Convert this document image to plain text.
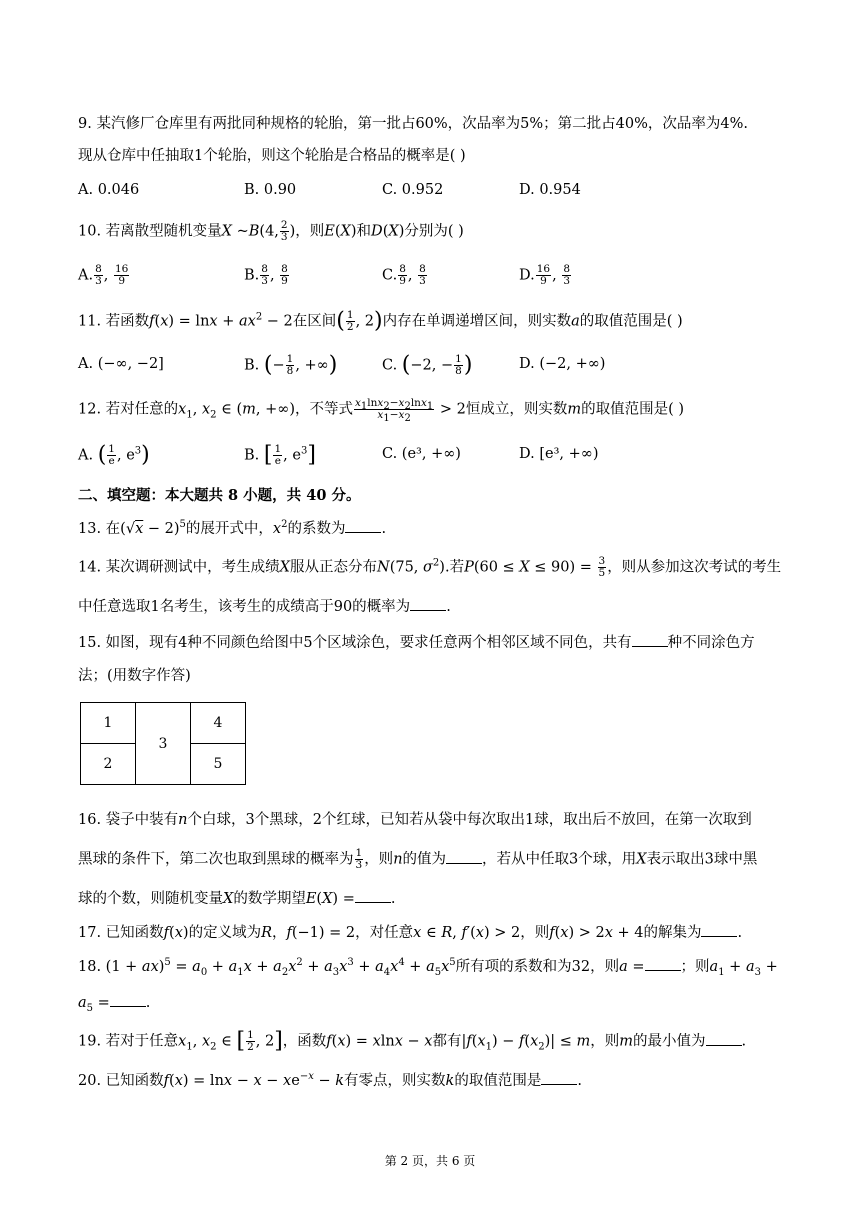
9. 某汽修厂仓库里有两批同种规格的轮胎，第一批占60%，次品率为5%；第二批占40%，次品率为4%.
现从仓库中任抽取1个轮胎，则这个轮胎是合格品的概率是( )
A. 0.046	B. 0.90	C. 0.952	D. 0.954
10. 若离散型随机变量X ~B(4, $\frac{2}{3}$ )，则E(X)和D(X)分别为( )
A. $\frac{8}{3}$ , $\frac{16}{9}$	B. $\frac{8}{3}$ , $\frac{8}{9}$	C. $\frac{8}{9}$ , $\frac{8}{3}$	D. $\frac{16}{9}$ , $\frac{8}{3}$
11. 若函数$f(x) = \ln x + ax^2 - 2$在区间( $\frac{1}{2}$ , 2)内存在单调递增区间，则实数a的取值范围是( )
A. (−∞, −2]	B. (− $\frac{1}{8}$ , +∞)	C. (−2, − $\frac{1}{8}$ )	D. (−2, +∞)
12. 若对任意的$x_1$, $x_2$ ∈ (m, +∞)，不等式 $\frac{x_1\ln x_2-x_2\ln x_1}{x_1-x_2} > 2$恒成立，则实数m的取值范围是( )
A. ( $\frac{1}{e}$ , $e^3$)	B. [ $\frac{1}{e}$ , $e^3$]	C. (e³, +∞)	D. [e³, +∞)
二、填空题：本大题共 8 小题，共 40 分。
13. 在$(√x - 2)^5$的展开式中，$x^2$的系数为 .
14. 某次调研测试中，考生成绩X服从正态分布N(75, $\sigma^2$).若$P(60 \le X \le 90) = \frac{3}{5}$ ，则从参加这次考试的考生
中任意选取1名考生，该考生的成绩高于90的概率为 .
15. 如图，现有4种不同颜色给图中5个区域涂色，要求任意两个相邻区域不同色，共有 种不同涂色方
法；(用数字作答)
1	3	4
2		5
16. 袋子中装有n个白球，3个黑球，2个红球，已知若从袋中每次取出1球，取出后不放回，在第一次取到
黑球的条件下，第二次也取到黑球的概率为 $\frac{1}{3}$ ，则n的值为 ，若从中任取3个球，用X表示取出3球中黑
球的个数，则随机变量X的数学期望E(X) = .
17. 已知函数f(x)的定义域为R，f(−1) = 2，对任意x ∈ R, f′(x) > 2，则f(x) > 2x + 4的解集为 .
18. $(1 + ax)^5 = a_0 + a_1x + a_2x^2 + a_3x^3 + a_4x^4 + a_5x^5$所有项的系数和为32，则a = ；则$a_1 + a_3$ +
$a_5$ = .
19. 若对于任意$x_1$, $x_2$ ∈ [ $\frac{1}{2}$ , 2]，函数f(x) = xlnx − x都有$|f(x_1) - f(x_2)| \le m$，则m的最小值为 .
20. 已知函数$f(x) = \ln x - x - xe^{-x} - k$有零点，则实数k的取值范围是 .
第 2 页，共 6 页
